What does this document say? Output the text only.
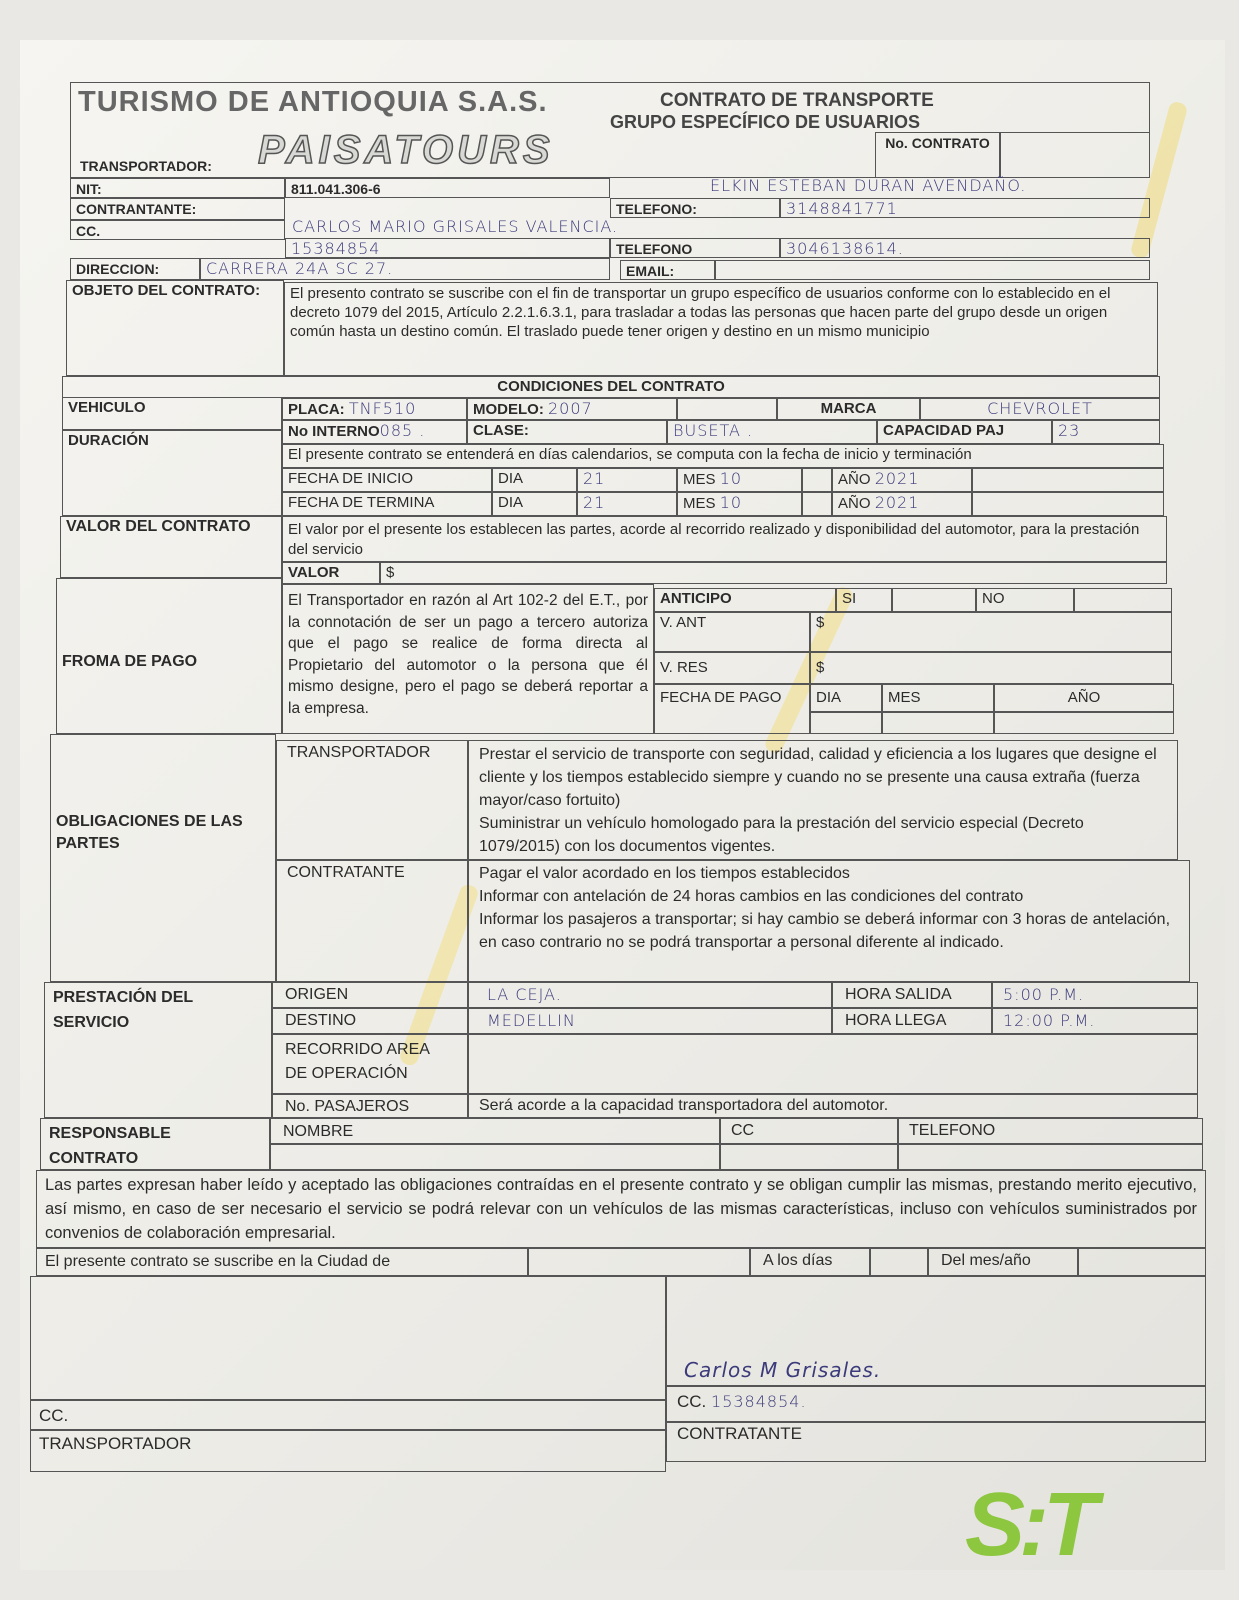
TURISMO DE ANTIOQUIA S.A.S.	CONTRATO DE TRANSPORTE
GRUPO ESPECÍFICO DE USUARIOS
PAISATOURS	No. CONTRATO
TRANSPORTADOR:
ELKIN ESTEBAN DURAN AVENDAÑO.
NIT:	811.041.306-6
TELEFONO:	3148841771
CONTRANTANTE:
CARLOS MARIO GRISALES VALENCIA.
CC.
15384854	TELEFONO	3046138614.
DIRECCION:	CARRERA 24A SC 27.	EMAIL:
OBJETO DEL CONTRATO:	El presento contrato se suscribe con el fin de transportar un grupo específico de usuarios conforme con lo establecido en el decreto 1079 del 2015, Artículo 2.2.1.6.3.1, para trasladar a todas las personas que hacen parte del grupo desde un origen común hasta un destino común. El traslado puede tener origen y destino en un mismo municipio
CONDICIONES DEL CONTRATO
VEHICULO	PLACA: TNF510	MODELO: 2007	MARCA	CHEVROLET
No INTERNO085 .	CLASE:	BUSETA .	CAPACIDAD PAJ	23
DURACIÓN
El presente contrato se entenderá en días calendarios, se computa con la fecha de inicio y terminación
FECHA DE INICIO	DIA	21	MES 10	AÑO 2021
FECHA DE TERMINA	DIA	21	MES 10	AÑO 2021
VALOR DEL CONTRATO	El valor por el presente los establecen las partes, acorde al recorrido realizado y disponibilidad del automotor, para la prestación del servicio
VALOR	$
FROMA DE PAGO
El Transportador en razón al Art 102-2 del E.T., por la connotación de ser un pago a tercero autoriza que el pago se realice de forma directa al Propietario del automotor o la persona que él mismo designe, pero el pago se deberá reportar a la empresa.
ANTICIPO	SI	NO
V. ANT	$
V. RES	$
FECHA DE PAGO	DIA	MES	AÑO
OBLIGACIONES DE LAS PARTES
TRANSPORTADOR	Prestar el servicio de transporte con seguridad, calidad y eficiencia a los lugares que designe el cliente y los tiempos establecido siempre y cuando no se presente una causa extraña (fuerza mayor/caso fortuito)
Suministrar un vehículo homologado para la prestación del servicio especial (Decreto 1079/2015) con los documentos vigentes.
CONTRATANTE	Pagar el valor acordado en los tiempos establecidos
Informar con antelación de 24 horas cambios en las condiciones del contrato
Informar los pasajeros a transportar; si hay cambio se deberá informar con 3 horas de antelación, en caso contrario no se podrá transportar a personal diferente al indicado.
PRESTACIÓN DEL SERVICIO
ORIGEN	LA CEJA.	HORA SALIDA	5:00 P.M.
DESTINO	MEDELLIN	HORA LLEGA	12:00 P.M.
RECORRIDO AREA DE OPERACIÓN
No. PASAJEROS	Será acorde a la capacidad transportadora del automotor.
RESPONSABLE CONTRATO
NOMBRE	CC	TELEFONO
Las partes expresan haber leído y aceptado las obligaciones contraídas en el presente contrato y se obligan cumplir las mismas, prestando merito ejecutivo, así mismo, en caso de ser necesario el servicio se podrá relevar con un vehículos de las mismas características, incluso con vehículos suministrados por convenios de colaboración empresarial.
El presente contrato se suscribe en la Ciudad de	A los días	Del mes/año
Carlos M Grisales.
CC.
TRANSPORTADOR
CC. 15384854.
CONTRATANTE
S:T
